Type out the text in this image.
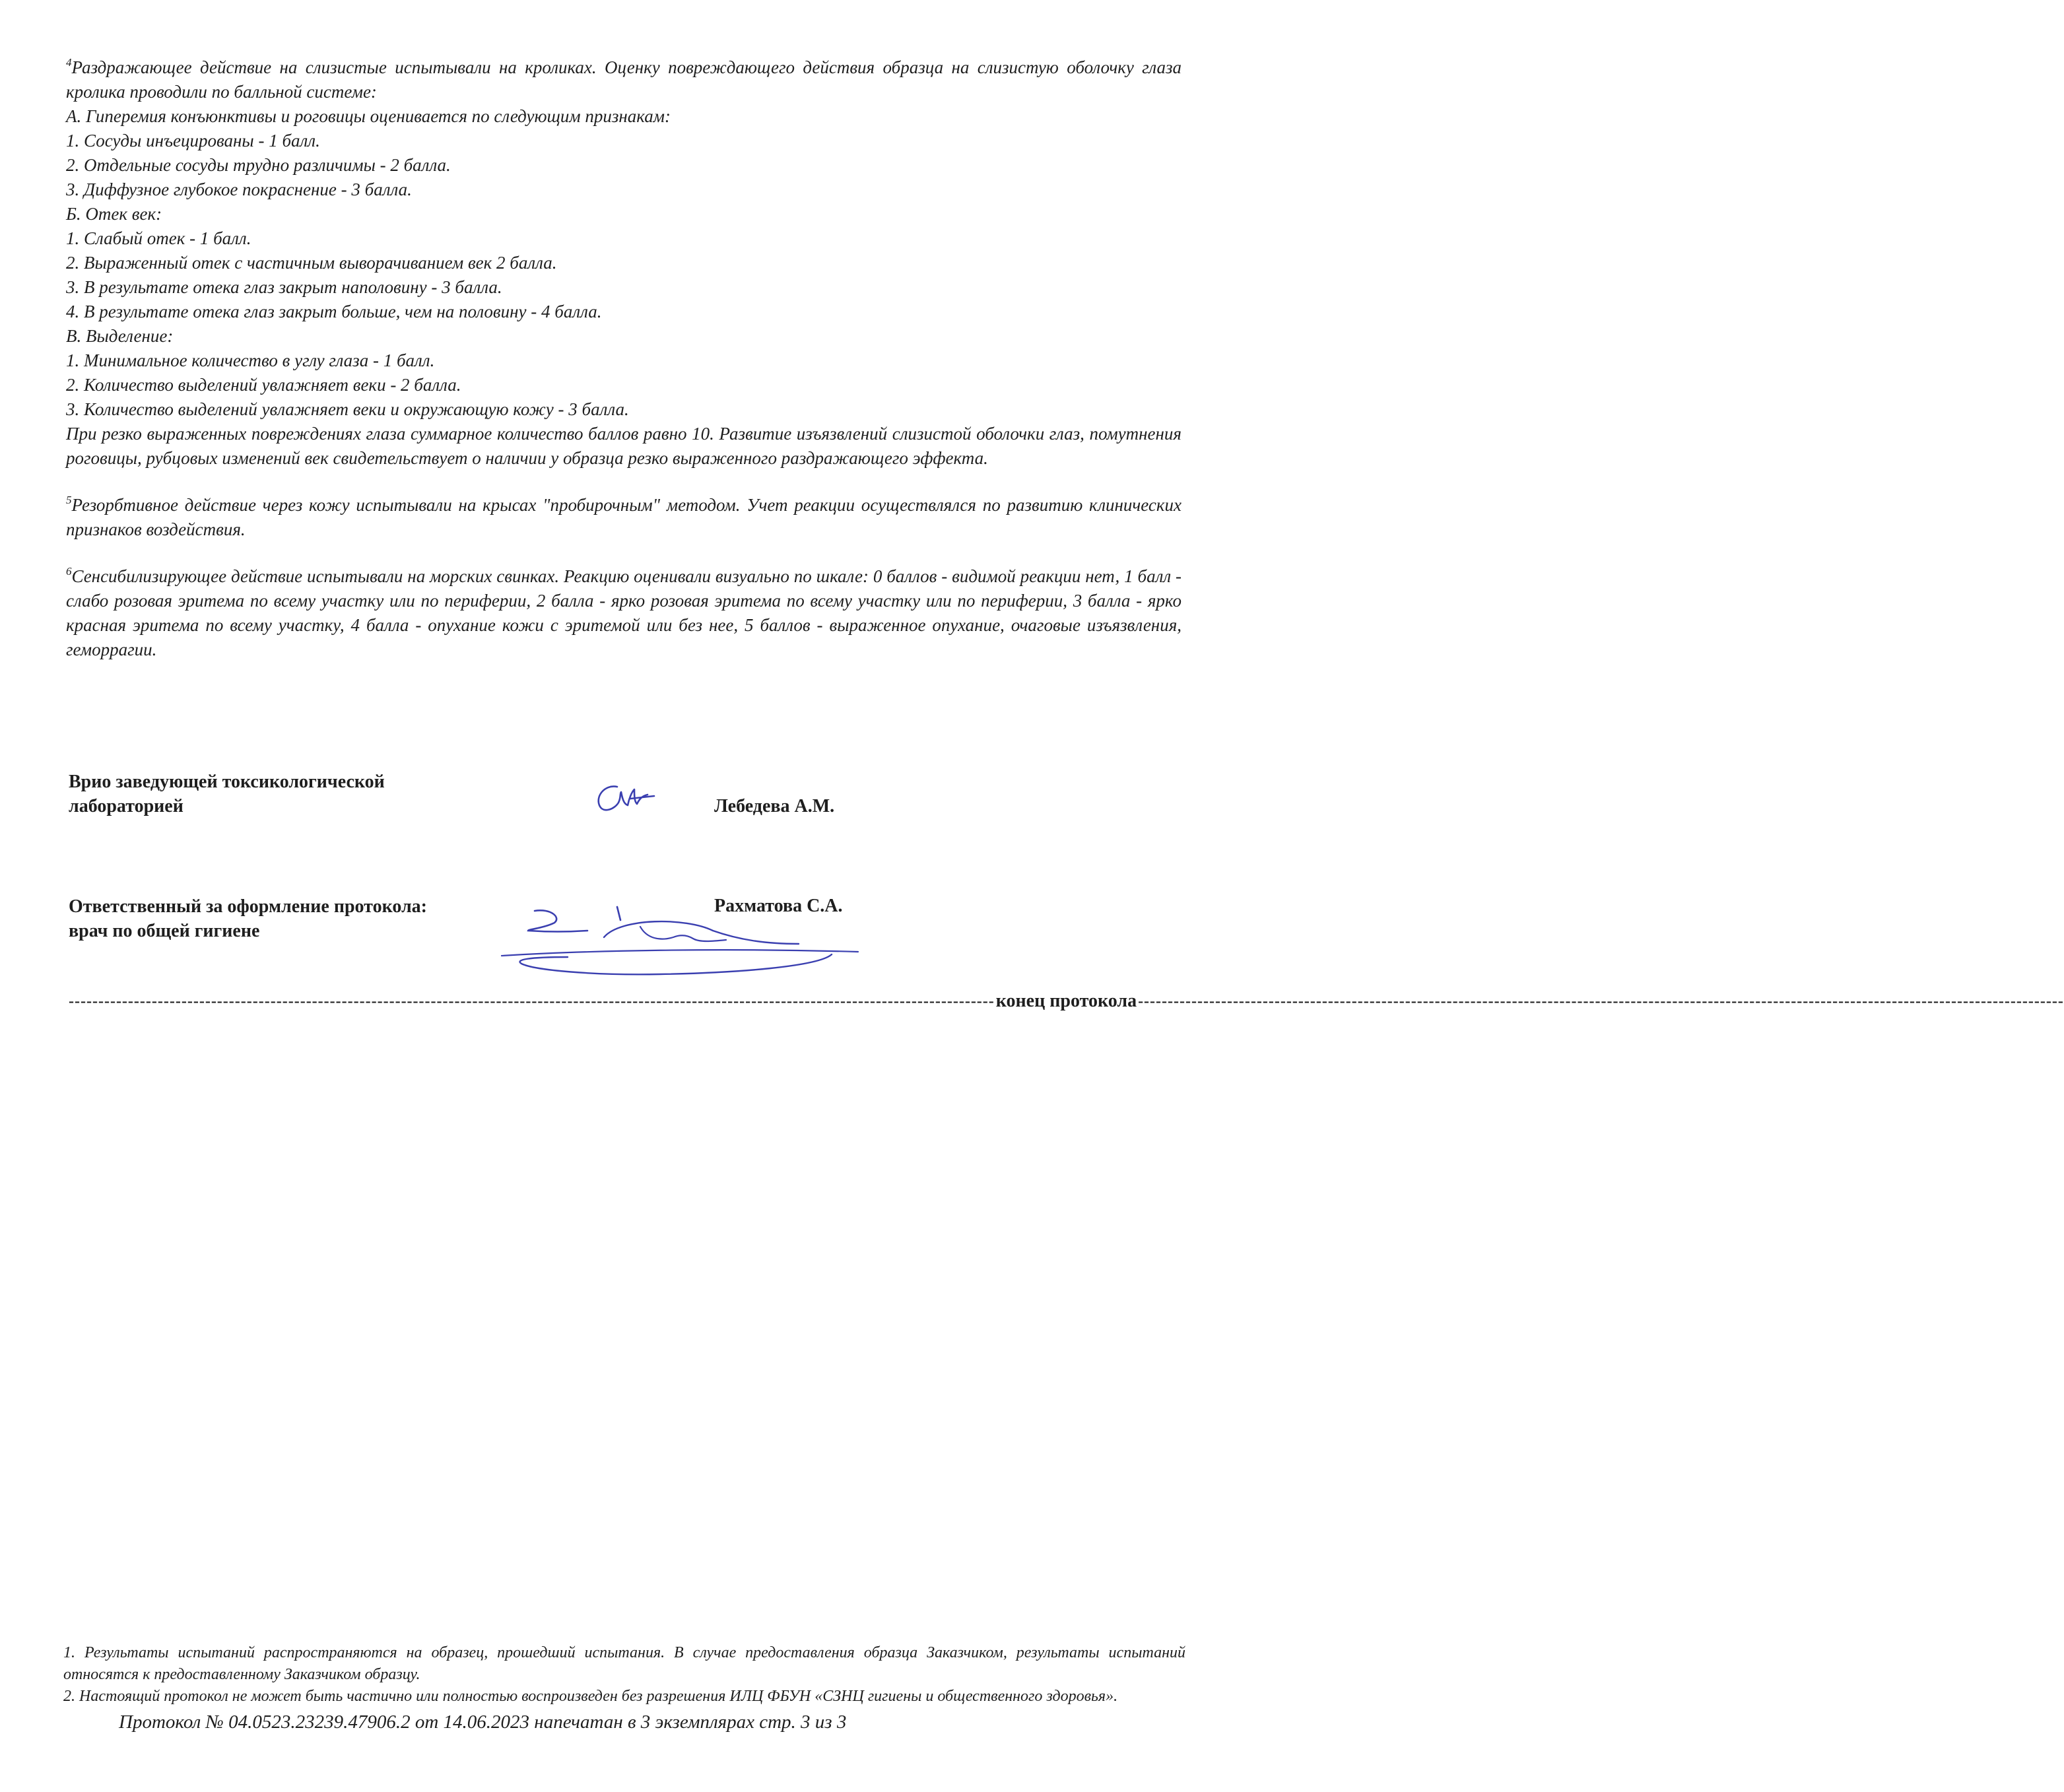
$^4$Раздражающее действие на слизистые испытывали на кроликах. Оценку повреждающего действия образца на слизистую оболочку глаза кролика проводили по балльной системе:

А. Гиперемия конъюнктивы и роговицы оценивается по следующим признакам:

1. Сосуды инъецированы - 1 балл.

2. Отдельные сосуды трудно различимы - 2 балла.

3. Диффузное глубокое покраснение - 3 балла.

Б. Отек век:

1. Слабый отек - 1 балл.

2. Выраженный отек с частичным выворачиванием век 2 балла.

3. В результате отека глаз закрыт наполовину - 3 балла.

4. В результате отека глаз закрыт больше, чем на половину - 4 балла.

В. Выделение:

1. Минимальное количество в углу глаза - 1 балл.

2. Количество выделений увлажняет веки - 2 балла.

3. Количество выделений увлажняет веки и окружающую кожу - 3 балла.

При резко выраженных повреждениях глаза суммарное количество баллов равно 10. Развитие изъязвлений слизистой оболочки глаз, помутнения роговицы, рубцовых изменений век свидетельствует о наличии у образца резко выраженного раздражающего эффекта.

$^5$Резорбтивное действие через кожу испытывали на крысах "пробирочным" методом. Учет реакции осуществлялся по развитию клинических признаков воздействия.

$^6$Сенсибилизирующее действие испытывали на морских свинках. Реакцию оценивали визуально по шкале: 0 баллов - видимой реакции нет, 1 балл - слабо розовая эритема по всему участку или по периферии, 2 балла - ярко розовая эритема по всему участку или по периферии, 3 балла - ярко красная эритема по всему участку, 4 балла - опухание кожи с эритемой или без нее, 5 баллов - выраженное опухание, очаговые изъязвления, геморрагии.

Врио заведующей токсикологической
лабораторией	Лебедева А.М.
Ответственный за оформление протокола:
врач по общей гигиене
Рахматова С.А.
------------------------------------------------------------------------------------------------------------------------------------------------------------ конец протокола ------------------------------------------------------------------------------------------------------------------------------------------------------------

1. Результаты испытаний распространяются на образец, прошедший испытания. В случае предоставления образца Заказчиком, результаты испытаний относятся к предоставленному Заказчиком образцу.

2. Настоящий протокол не может быть частично или полностью воспроизведен без разрешения ИЛЦ ФБУН «СЗНЦ гигиены и общественного здоровья».

Протокол № 04.0523.23239.47906.2 от 14.06.2023 напечатан в 3 экземплярах стр. 3 из 3
